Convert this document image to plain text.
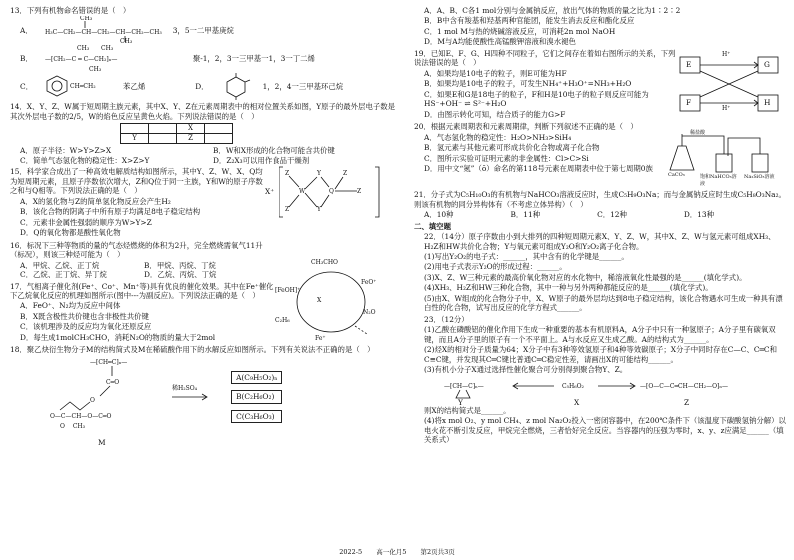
13．下列有机物命名错误的是（　）

A． H₃C—CH₂—CH—CH₂—CH—CH₂—CH₃
CH₃
CH₃
3，5一二甲基庚烷
B． —[CH₂—C ═ C—CH₂]ₙ—
CH₃ CH₃
CH₃
聚-1，2，3一三甲基一1，3一丁二烯
C．	CH═CH₂	苯乙烯	D．	1，2，4一三甲基环己烷

14．X、Y、Z、W属于短周期主族元素，其中X、Y、Z在元素周期表中的相对位置关系如图，Y原子的最外层电子数是其次外层电子数的2/5，W的焰色反应呈黄色火焰。下列说法错误的是（　）

		X	
Y		Z	
A．原子半径：W>Y>Z>X	B．W和X形成的化合物可能含共价键
C．简单气态氢化物的稳定性：X>Z>Y	D．Z₂X₃可以用作食品干燥剂

15．科学家合成出了一种高效电解质结构如图所示，其中Y、Z、W、X、Q均为短周期元素，且原子序数依次增大，Z和Q位于同一主族，Y和W的原子序数之和与Q相等。下列说法正确的是（　）

A．X的氢化物与Z的简单氢化物反应会产生H₂

B．该化合物的阴离子中所有原子均满足8电子稳定结构

C．元素非金属性强弱的顺序为W>Y>Z

D．Q的氧化物都是酸性氧化物

X⁺
Z
Z
Y	Z
W	Q
Y
Z

16．标况下三种等物质的量的气态烃燃烧的体积为2升，完全燃烧需氧气11升（标况），则该三种烃可能为（　）

A．甲烷、乙烷、正丁烷	B．甲烷、丙烷、丁烷
C．乙烷、正丁烷、异丁烷	D．乙烷、丙烷、丁烷

17．气相离子催化剂(Fe⁺、Co⁺、Mn⁺等)具有优良的催化效果。其中在Fe⁺催化下乙烷氧化反应的机理如图所示(图中---为副反应)。下列说法正确的是（　）

A．FeO⁺、N₂均为反应中间体

B．X既含极性共价键也含非极性共价键

C．该机理涉及的反应均为氧化还原反应

D．每生成1molCH₃CHO，消耗N₂O的物质的量大于2mol

CH₃CHO
[FeOH]⁺
FeO⁺
N₂O
Fe⁺
C₂H₆
X

18．聚乙炔衍生物分子M的结构简式及M在稀硫酸作用下的水解反应如图所示。下列有关说法不正确的是（　）

—[CH═C]ₙ—
C═O
O
O—C—CH—O—C═O
O　 CH₃
稀H₂SO₄
A(C₉H₅O₂)ₙ
B(C₂H₆O₂)
C(C₃H₆O₃)

M

A．A、B、C各1 mol分别与金属钠反应，放出气体的物质的量之比为1∶2∶2

B．B中含有羧基和羟基两种官能团，能发生消去反应和酯化反应

C．1 mol M与热的烧碱溶液反应，可消耗2n mol NaOH

D．M与A均能使酸性高锰酸钾溶液和溴水褪色

19．已知E、F、G、H四种不同粒子，它们之间存在着如右图所示的关系，下列说法错误的是（　）

A．如果均是10电子的粒子，则E可能为HF

B．如果均是10电子的粒子，可发生NH₄⁺+H₃O⁺=NH₃+H₂O

C．如果E和G是18电子的粒子，F和H是10电子的粒子则反应可能为HS⁻+OH⁻ ⇌ S²⁻+H₂O

D．由图示转化可知，结合质子的能力G>F

E	G
F	H
H⁺
H⁺

20．根据元素周期表和元素周期律，判断下列叙述不正确的是（　）

A．气态氢化物的稳定性：H₂O>NH₃>SiH₄

B．氢元素与其他元素可形成共价化合物或离子化合物

C．图所示实验可证明元素的非金属性：Cl>C>Si

D．用中文“氪”（ō）命名的第118号元素在周期表中位于第七周期0族

稀盐酸
CaCO₃	饱和NaHCO₃溶液
Na₂SiO₃溶液

21．分子式为C₅H₁₀O₃的有机物与NaHCO₃溶液反应时，生成C₅H₉O₃Na；而与金属钠反应时生成C₅H₈O₃Na₂。则该有机物的同分异构体有（不考虑立体异构）（　）

A．10种	B．11种	C．12种	D．13种

二、填空题

22．（14分）原子序数由小到大排列的四种短周期元素X、Y、Z、W，其中X、Z、W与氢元素可组成XH₃、H₂Z和HW共价化合物；Y与氧元素可组成Y₂O和Y₂O₂离子化合物。

(1)写出Y₂O₂的电子式：______，其中含有的化学键是______。

(2)用电子式表示Y₂O的形成过程：______。

(3)X、Z、W三种元素的最高价氧化物对应的水化物中，稀溶液氧化性最强的是______(填化学式)。

(4)XH₃、H₂Z和HW三种化合物，其中一种与另外两种都能反应的是______(填化学式)。

(5)由X、W组成的化合物分子中，X、W原子的最外层均达到8电子稳定结构，该化合物遇水可生成一种具有漂白性的化合物，试写出反应的化学方程式______。

23．（12分）

(1)乙酸在磷酸铝的催化作用下生成一种重要的基本有机原料A，A分子中只有一种氢原子；A分子里有碳氧双键，而且A分子里的原子有一个不平面上。A与水反应又生成乙酸。A的结构式为______。

(2)烃X的相对分子质量为64；X分子中有3种等效氢原子和4种等效碳原子；X分子中同时存在C—C、C═C和C≡C键，并发现其C═C键比普通C═C稳定性差，请画出X的可能结构______。

(3)有机小分子X通过选择性催化聚合可分别得到聚合物Y、Z。

—[CH—C]ₙ—	C₅H₆O₂	—[O—C—C═CH—CH₂—O]ₙ—
Y	X	Z

则X的结构简式是______。

(4)将x mol O₂、y mol CH₄、z mol Na₂O₂投入一密闭容器中，在200℃条件下（该温度下碳酸氢钠分解）以电火花不断引发反应，甲烷完全燃烧，三者恰好完全反应。当容器内的压强为零时，x、y、z应满足______（填关系式）

2022-5 高一化月5 第2页共3页
